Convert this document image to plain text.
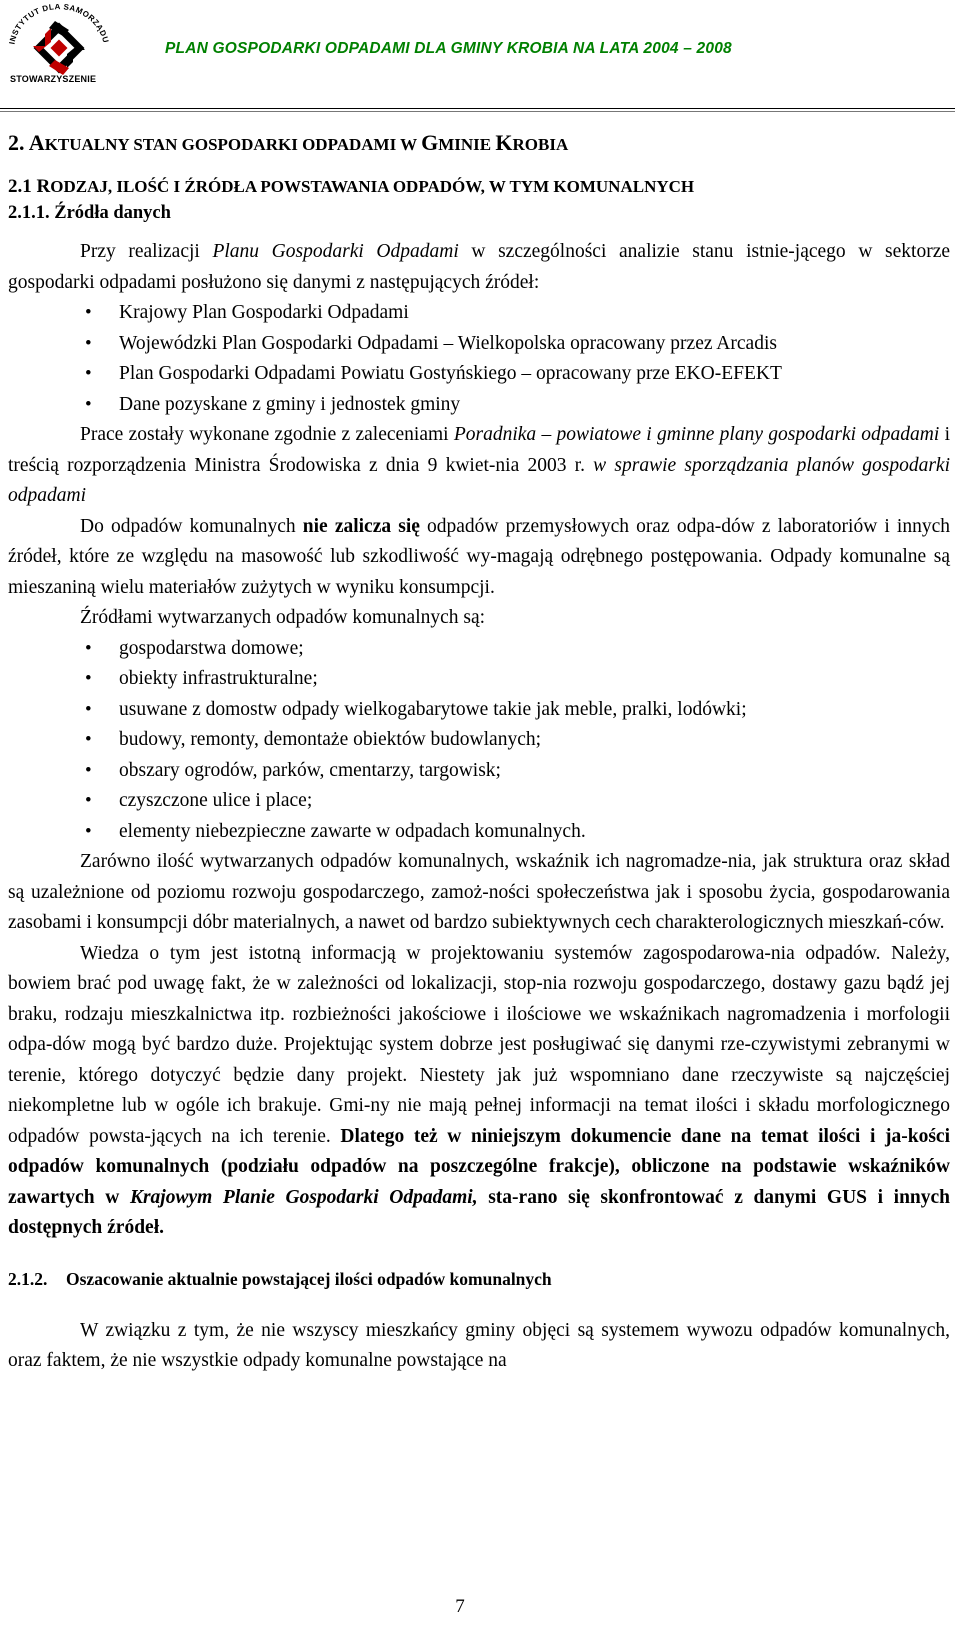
INSTYTUT DLA SAMORZĄDU
STOWARZYSZENIE
PLAN GOSPODARKI ODPADAMI DLA GMINY KROBIA NA LATA 2004 – 2008
2. AKTUALNY STAN GOSPODARKI ODPADAMI W GMINIE KROBIA
2.1 RODZAJ, ILOŚĆ I ŹRÓDŁA POWSTAWANIA ODPADÓW, W TYM KOMUNALNYCH
2.1.1. Źródła danych

Przy realizacji Planu Gospodarki Odpadami w szczególności analizie stanu istnie-jącego w sektorze gospodarki odpadami posłużono się danymi z następujących źródeł:

• Krajowy Plan Gospodarki Odpadami
• Wojewódzki Plan Gospodarki Odpadami – Wielkopolska opracowany przez Arcadis
• Plan Gospodarki Odpadami Powiatu Gostyńskiego – opracowany prze EKO-EFEKT
• Dane pozyskane z gminy i jednostek gminy

Prace zostały wykonane zgodnie z zaleceniami Poradnika – powiatowe i gminne plany gospodarki odpadami i treścią rozporządzenia Ministra Środowiska z dnia 9 kwiet-nia 2003 r. w sprawie sporządzania planów gospodarki odpadami

Do odpadów komunalnych nie zalicza się odpadów przemysłowych oraz odpa-dów z laboratoriów i innych źródeł, które ze względu na masowość lub szkodliwość wy-magają odrębnego postępowania. Odpady komunalne są mieszaniną wielu materiałów zużytych w wyniku konsumpcji.

Źródłami wytwarzanych odpadów komunalnych są:

• gospodarstwa domowe;
• obiekty infrastrukturalne;
• usuwane z domostw odpady wielkogabarytowe takie jak meble, pralki, lodówki;
• budowy, remonty, demontaże obiektów budowlanych;
• obszary ogrodów, parków, cmentarzy, targowisk;
• czyszczone ulice i place;
• elementy niebezpieczne zawarte w odpadach komunalnych.

Zarówno ilość wytwarzanych odpadów komunalnych, wskaźnik ich nagromadze-nia, jak struktura oraz skład są uzależnione od poziomu rozwoju gospodarczego, zamoż-ności społeczeństwa jak i sposobu życia, gospodarowania zasobami i konsumpcji dóbr materialnych, a nawet od bardzo subiektywnych cech charakterologicznych mieszkań-ców.

Wiedza o tym jest istotną informacją w projektowaniu systemów zagospodarowa-nia odpadów. Należy, bowiem brać pod uwagę fakt, że w zależności od lokalizacji, stop-nia rozwoju gospodarczego, dostawy gazu bądź jej braku, rodzaju mieszkalnictwa itp. rozbieżności jakościowe i ilościowe we wskaźnikach nagromadzenia i morfologii odpa-dów mogą być bardzo duże. Projektując system dobrze jest posługiwać się danymi rze-czywistymi zebranymi w terenie, którego dotyczyć będzie dany projekt. Niestety jak już wspomniano dane rzeczywiste są najczęściej niekompletne lub w ogóle ich brakuje. Gmi-ny nie mają pełnej informacji na temat ilości i składu morfologicznego odpadów powsta-jących na ich terenie. Dlatego też w niniejszym dokumencie dane na temat ilości i ja-kości odpadów komunalnych (podziału odpadów na poszczególne frakcje), obliczone na podstawie wskaźników zawartych w Krajowym Planie Gospodarki Odpadami, sta-rano się skonfrontować z danymi GUS i innych dostępnych źródeł.

2.1.2. Oszacowanie aktualnie powstającej ilości odpadów komunalnych

W związku z tym, że nie wszyscy mieszkańcy gminy objęci są systemem wywozu odpadów komunalnych, oraz faktem, że nie wszystkie odpady komunalne powstające na

7
